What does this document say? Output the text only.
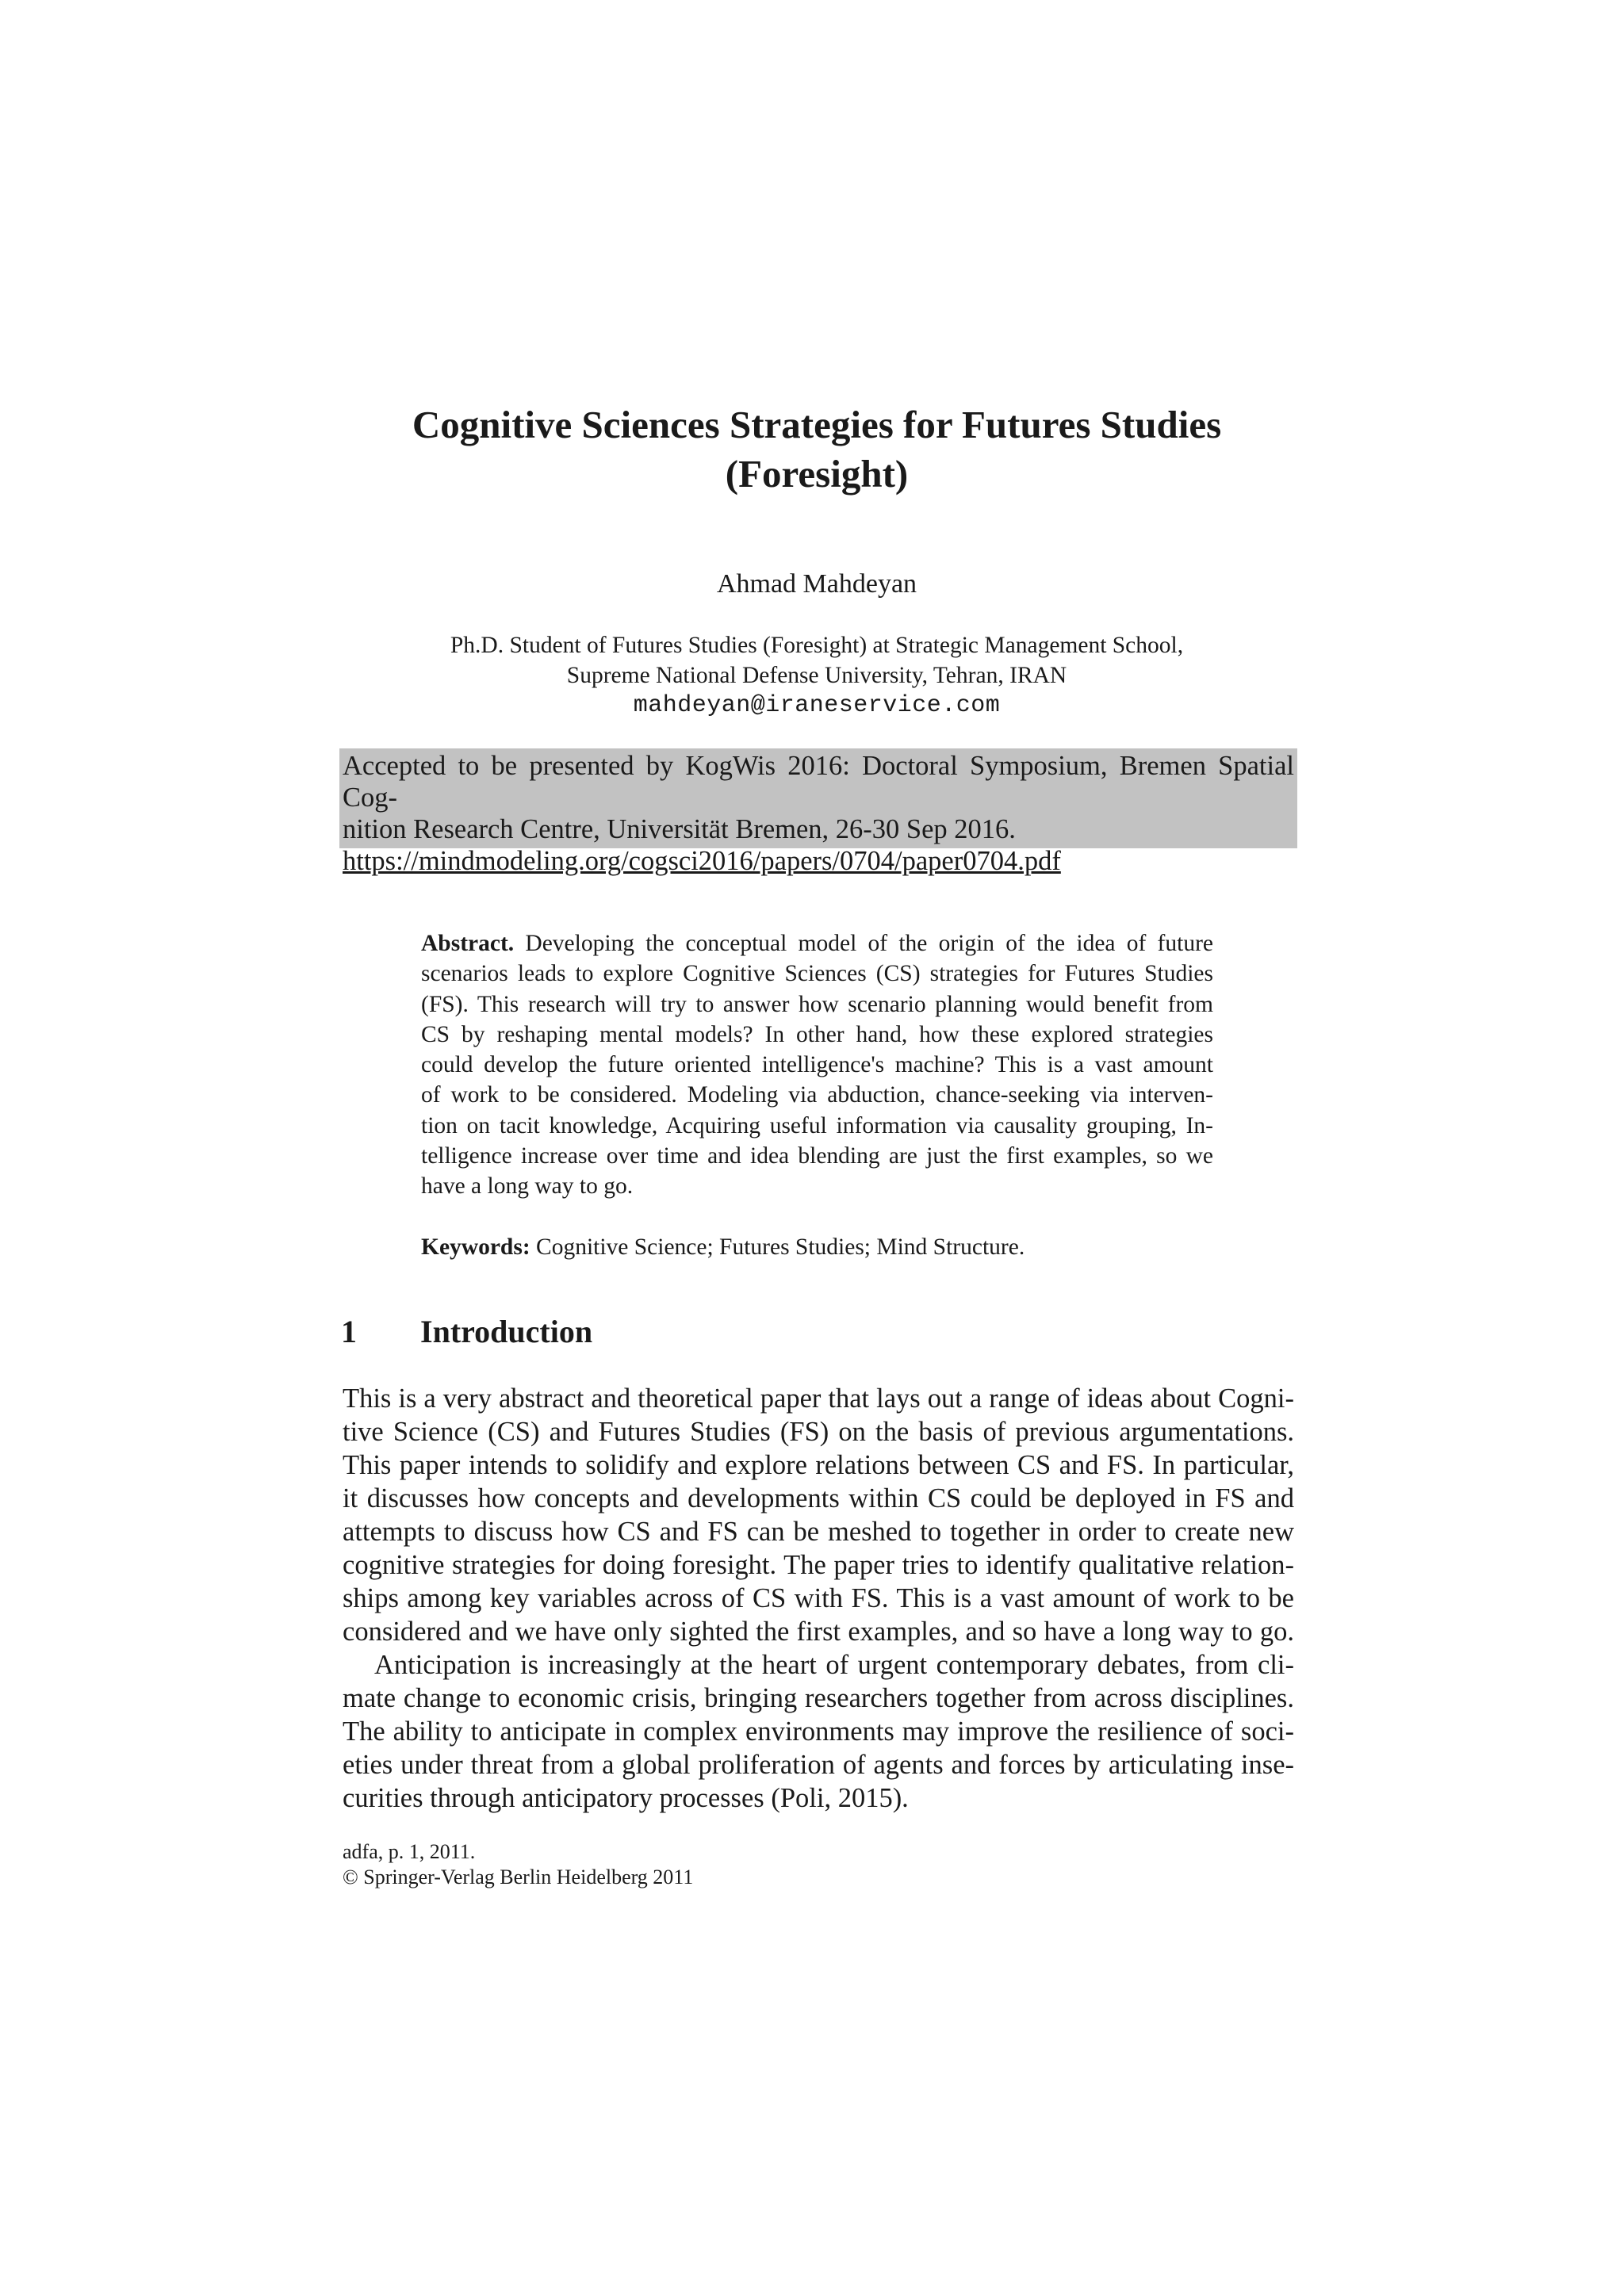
Cognitive Sciences Strategies for Futures Studies
(Foresight)
Ahmad Mahdeyan
Ph.D. Student of Futures Studies (Foresight) at Strategic Management School,
Supreme National Defense University, Tehran, IRAN
mahdeyan@iraneservice.com
Accepted to be presented by KogWis 2016: Doctoral Symposium, Bremen Spatial Cog-
nition Research Centre, Universität Bremen, 26-30 Sep 2016.
https://mindmodeling.org/cogsci2016/papers/0704/paper0704.pdf
Abstract. Developing the conceptual model of the origin of the idea of future
scenarios leads to explore Cognitive Sciences (CS) strategies for Futures Studies
(FS). This research will try to answer how scenario planning would benefit from
CS by reshaping mental models? In other hand, how these explored strategies
could develop the future oriented intelligence's machine? This is a vast amount
of work to be considered. Modeling via abduction, chance-seeking via interven-
tion on tacit knowledge, Acquiring useful information via causality grouping, In-
telligence increase over time and idea blending are just the first examples, so we
have a long way to go.
Keywords: Cognitive Science; Futures Studies; Mind Structure.
1 Introduction
This is a very abstract and theoretical paper that lays out a range of ideas about Cogni-
tive Science (CS) and Futures Studies (FS) on the basis of previous argumentations.
This paper intends to solidify and explore relations between CS and FS. In particular,
it discusses how concepts and developments within CS could be deployed in FS and
attempts to discuss how CS and FS can be meshed to together in order to create new
cognitive strategies for doing foresight. The paper tries to identify qualitative relation-
ships among key variables across of CS with FS. This is a vast amount of work to be
considered and we have only sighted the first examples, and so have a long way to go.
Anticipation is increasingly at the heart of urgent contemporary debates, from cli-
mate change to economic crisis, bringing researchers together from across disciplines.
The ability to anticipate in complex environments may improve the resilience of soci-
eties under threat from a global proliferation of agents and forces by articulating inse-
curities through anticipatory processes (Poli, 2015).
adfa, p. 1, 2011.
© Springer-Verlag Berlin Heidelberg 2011
